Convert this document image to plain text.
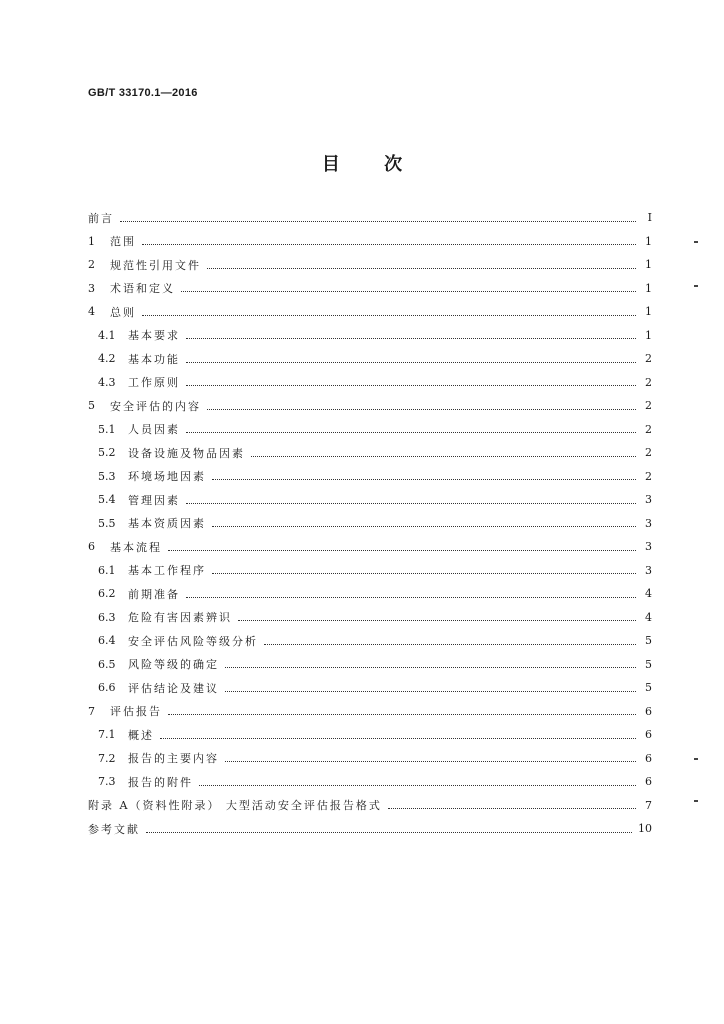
GB/T 33170.1—2016
目 次
前言	I
1	范围	1
2	规范性引用文件	1
3	术语和定义	1
4	总则	1
4.1	基本要求	1
4.2	基本功能	2
4.3	工作原则	2
5	安全评估的内容	2
5.1	人员因素	2
5.2	设备设施及物品因素	2
5.3	环境场地因素	2
5.4	管理因素	3
5.5	基本资质因素	3
6	基本流程	3
6.1	基本工作程序	3
6.2	前期准备	4
6.3	危险有害因素辨识	4
6.4	安全评估风险等级分析	5
6.5	风险等级的确定	5
6.6	评估结论及建议	5
7	评估报告	6
7.1	概述	6
7.2	报告的主要内容	6
7.3	报告的附件	6
附录 A（资料性附录） 大型活动安全评估报告格式	7
参考文献	10
